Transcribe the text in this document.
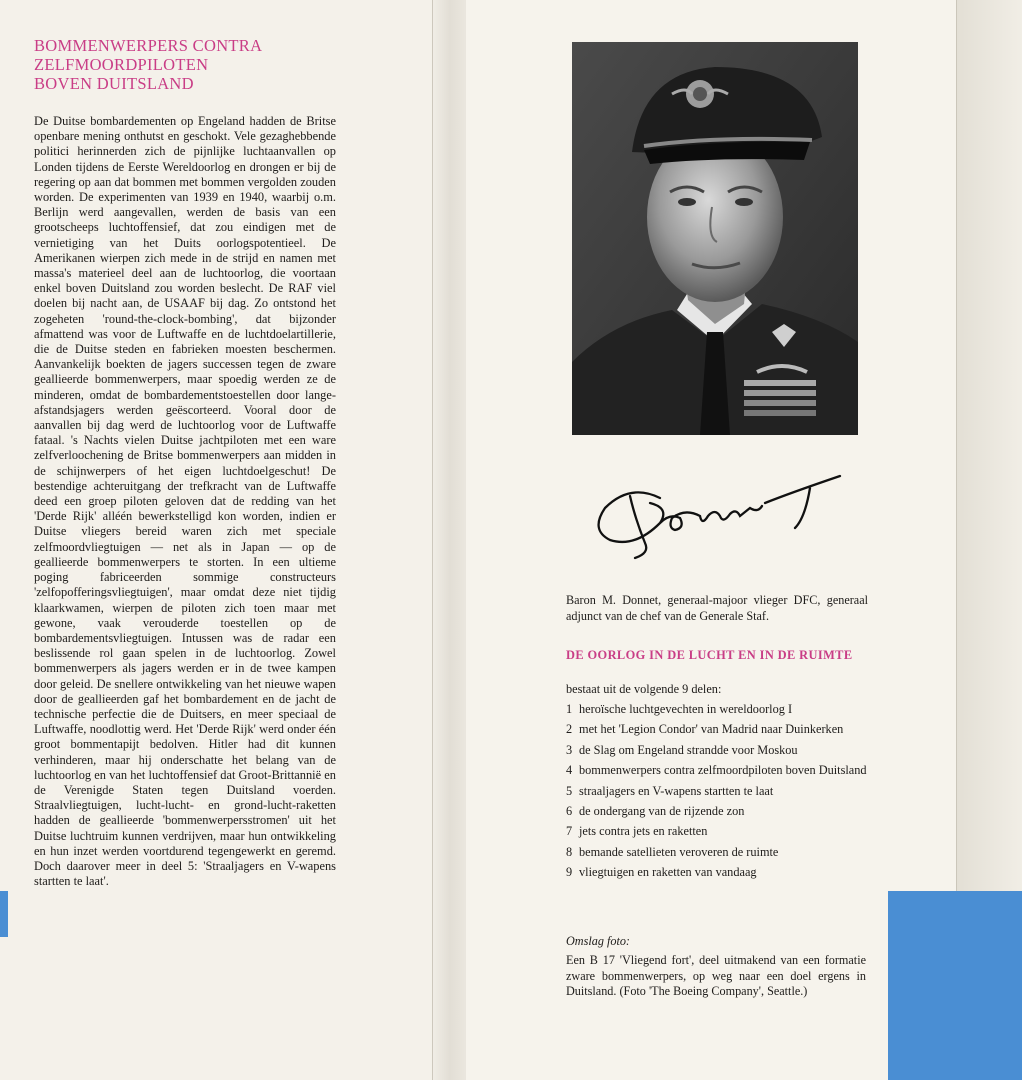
BOMMENWERPERS CONTRA
ZELFMOORDPILOTEN
BOVEN DUITSLAND

De Duitse bombardementen op Engeland hadden de Britse openbare mening onthutst en geschokt. Vele gezaghebbende politici herinnerden zich de pijnlijke luchtaanvallen op Londen tijdens de Eerste Wereldoorlog en drongen er bij de regering op aan dat bommen met bommen vergolden zouden worden. De experimenten van 1939 en 1940, waarbij o.m. Berlijn werd aangevallen, werden de basis van een grootscheeps luchtoffensief, dat zou eindigen met de vernietiging van het Duits oorlogspotentieel. De Amerikanen wierpen zich mede in de strijd en namen met massa's materieel deel aan de luchtoorlog, die voortaan enkel boven Duitsland zou worden beslecht. De RAF viel doelen bij nacht aan, de USAAF bij dag. Zo ontstond het zogeheten 'round-the-clock-bombing', dat bijzonder afmattend was voor de Luftwaffe en de luchtdoelartillerie, die de Duitse steden en fabrieken moesten beschermen. Aanvankelijk boekten de jagers successen tegen de zware geallieerde bommenwerpers, maar spoedig werden ze de minderen, omdat de bombardementstoestellen door lange-afstandsjagers werden geëscorteerd. Vooral door de aanvallen bij dag werd de luchtoorlog voor de Luftwaffe fataal. 's Nachts vielen Duitse jachtpiloten met een ware zelfverloochening de Britse bommenwerpers aan midden in de schijnwerpers of het eigen luchtdoelgeschut! De bestendige achteruitgang der trefkracht van de Luftwaffe deed een groep piloten geloven dat de redding van het 'Derde Rijk' alléén bewerkstelligd kon worden, indien er Duitse vliegers bereid waren zich met speciale zelfmoordvliegtuigen — net als in Japan — op de geallieerde bommenwerpers te storten. In een ultieme poging fabriceerden sommige constructeurs 'zelfopofferingsvliegtuigen', maar omdat deze niet tijdig klaarkwamen, wierpen de piloten zich toen maar met gewone, vaak verouderde toestellen op de bombardementsvliegtuigen. Intussen was de radar een beslissende rol gaan spelen in de luchtoorlog. Zowel bommenwerpers als jagers werden er in de twee kampen door geleid. De snellere ontwikkeling van het nieuwe wapen door de geallieerden gaf het bombardement en de jacht de technische perfectie die de Duitsers, en meer speciaal de Luftwaffe, noodlottig werd. Het 'Derde Rijk' werd onder één groot bommentapijt bedolven. Hitler had dit kunnen verhinderen, maar hij onderschatte het belang van de luchtoorlog en van het luchtoffensief dat Groot-Brittannië en de Verenigde Staten tegen Duitsland voerden. Straalvliegtuigen, lucht-lucht- en grond-lucht-raketten hadden de geallieerde 'bommenwerpersstromen' uit het Duitse luchtruim kunnen verdrijven, maar hun ontwikkeling en hun inzet werden voortdurend tegengewerkt en geremd. Doch daarover meer in deel 5: 'Straaljagers en V-wapens startten te laat'.

Baron M. Donnet, generaal-majoor vlieger DFC, generaal adjunct van de chef van de Generale Staf.

DE OORLOG IN DE LUCHT EN IN DE RUIMTE

bestaat uit de volgende 9 delen:

1 heroïsche luchtgevechten in wereldoorlog I
2 met het 'Legion Condor' van Madrid naar Duinkerken
3 de Slag om Engeland strandde voor Moskou
4 bommenwerpers contra zelfmoordpiloten boven Duitsland
5 straaljagers en V-wapens startten te laat
6 de ondergang van de rijzende zon
7 jets contra jets en raketten
8 bemande satellieten veroveren de ruimte
9 vliegtuigen en raketten van vandaag

Omslag foto:

Een B 17 'Vliegend fort', deel uitmakend van een formatie zware bommenwerpers, op weg naar een doel ergens in Duitsland. (Foto 'The Boeing Company', Seattle.)
